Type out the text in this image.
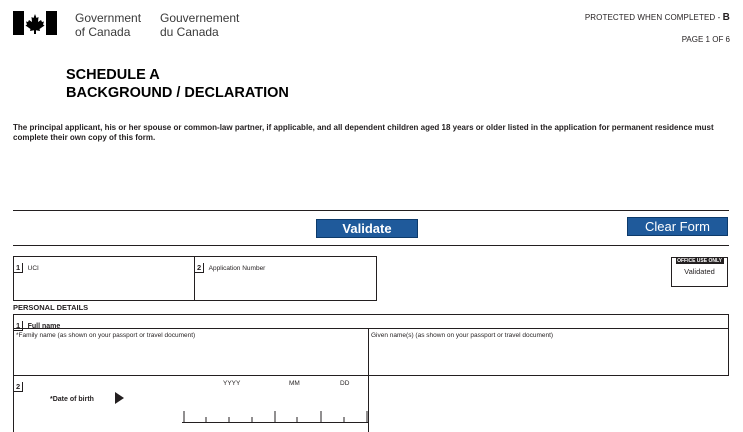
Government
of Canada
Gouvernement
du Canada
PROTECTED WHEN COMPLETED - B
PAGE 1 OF 6
SCHEDULE A
BACKGROUND / DECLARATION
The principal applicant, his or her spouse or common-law partner, if applicable, and all dependent children aged 18 years or older listed in the application for permanent residence must complete their own copy of this form.
Validate	Clear Form
1 UCI	2 Application Number
OFFICE USE ONLY
Validated
PERSONAL DETAILS
1 Full name
*Family name (as shown on your passport or travel document)	Given name(s) (as shown on your passport or travel document)
2	YYYY	MM	DD
*Date of birth
